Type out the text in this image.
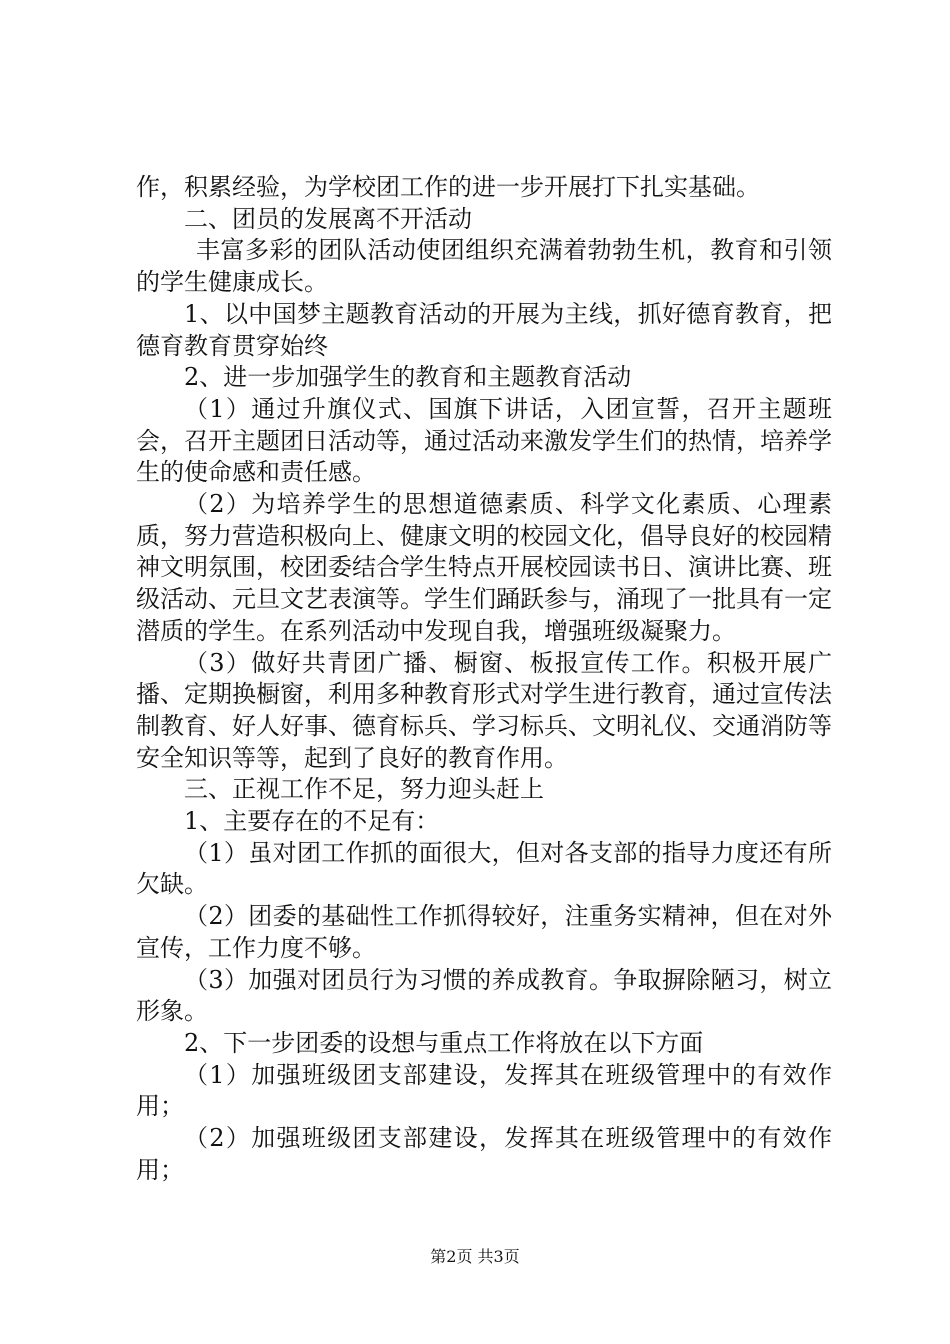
作，积累经验，为学校团工作的进一步开展打下扎实基础。

二、团员的发展离不开活动

丰富多彩的团队活动使团组织充满着勃勃生机，教育和引领的学生健康成长。

1、以中国梦主题教育活动的开展为主线，抓好德育教育，把德育教育贯穿始终

2、进一步加强学生的教育和主题教育活动

（1）通过升旗仪式、国旗下讲话，入团宣誓，召开主题班会，召开主题团日活动等，通过活动来激发学生们的热情，培养学生的使命感和责任感。

（2）为培养学生的思想道德素质、科学文化素质、心理素质，努力营造积极向上、健康文明的校园文化，倡导良好的校园精神文明氛围，校团委结合学生特点开展校园读书日、演讲比赛、班级活动、元旦文艺表演等。学生们踊跃参与，涌现了一批具有一定潜质的学生。在系列活动中发现自我，增强班级凝聚力。

（3）做好共青团广播、橱窗、板报宣传工作。积极开展广播、定期换橱窗，利用多种教育形式对学生进行教育，通过宣传法制教育、好人好事、德育标兵、学习标兵、文明礼仪、交通消防等安全知识等等，起到了良好的教育作用。

三、正视工作不足，努力迎头赶上

1、主要存在的不足有：

（1）虽对团工作抓的面很大，但对各支部的指导力度还有所欠缺。

（2）团委的基础性工作抓得较好，注重务实精神，但在对外宣传，工作力度不够。

（3）加强对团员行为习惯的养成教育。争取摒除陋习，树立形象。

2、下一步团委的设想与重点工作将放在以下方面

（1）加强班级团支部建设，发挥其在班级管理中的有效作用；

（2）加强班级团支部建设，发挥其在班级管理中的有效作用；

第2页 共3页
